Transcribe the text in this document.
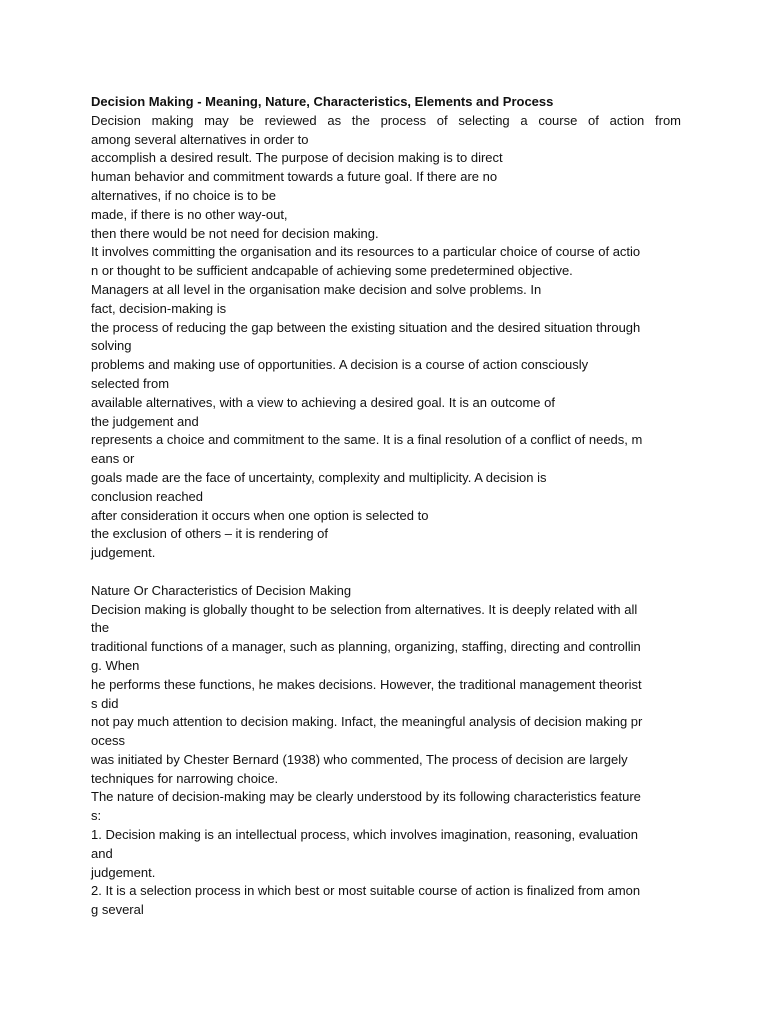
Decision Making - Meaning, Nature, Characteristics, Elements and Process
Decision making may be reviewed as the process of selecting a course of action from
among several alternatives in order to
accomplish a desired result. The purpose of decision making is to direct
human behavior and commitment towards a future goal. If there are no
alternatives, if no choice is to be
made, if there is no other way-out,
then there would be not need for decision making.
It involves committing the organisation and its resources to a particular choice of course of actio
n or thought to be sufficient andcapable of achieving some predetermined objective.
Managers at all level in the organisation make decision and solve problems. In
fact, decision-making is
the process of reducing the gap between the existing situation and the desired situation through
solving
problems and making use of opportunities. A decision is a course of action consciously
selected from
available alternatives, with a view to achieving a desired goal. It is an outcome of
the judgement and
represents a choice and commitment to the same. It is a final resolution of a conflict of needs, m
eans or
goals made are the face of uncertainty, complexity and multiplicity. A decision is
conclusion reached
after consideration it occurs when one option is selected to
the exclusion of others – it is rendering of
judgement.
Nature Or Characteristics of Decision Making
Decision making is globally thought to be selection from alternatives. It is deeply related with all
the
traditional functions of a manager, such as planning, organizing, staffing, directing and controllin
g. When
he performs these functions, he makes decisions. However, the traditional management theorist
s did
not pay much attention to decision making. Infact, the meaningful analysis of decision making pr
ocess
was initiated by Chester Bernard (1938) who commented, The process of decision are largely
techniques for narrowing choice.
The nature of decision-making may be clearly understood by its following characteristics feature
s:
1. Decision making is an intellectual process, which involves imagination, reasoning, evaluation
and
judgement.
2. It is a selection process in which best or most suitable course of action is finalized from amon
g several
